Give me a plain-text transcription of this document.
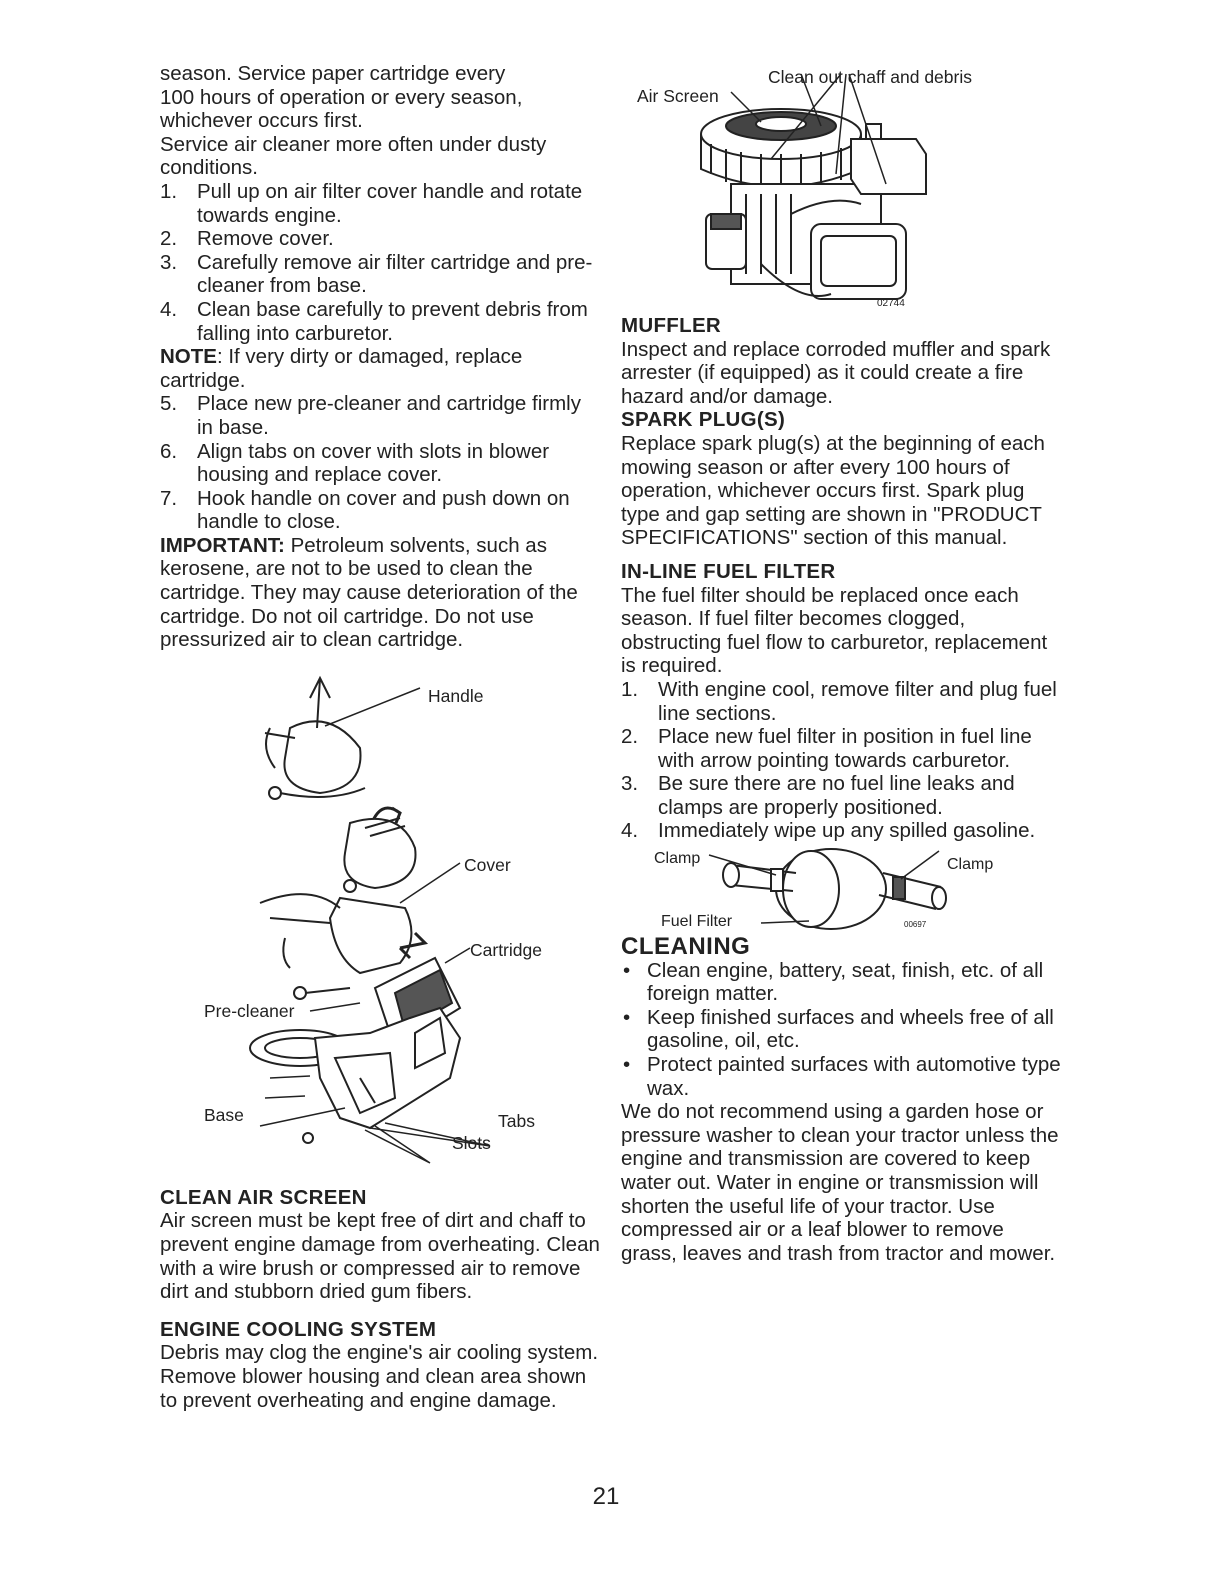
season. Service paper cartridge every

100 hours of operation or every season,

whichever occurs first.

Service air cleaner more often under dusty

conditions.

1. Pull up on air filter cover handle and rotate towards engine.
2. Remove cover.
3. Carefully remove air filter cartridge and pre-cleaner from base.
4. Clean base carefully to prevent debris from falling into carburetor.

NOTE: If very dirty or damaged, replace cartridge.

5. Place new pre-cleaner and cartridge firmly in base.
6. Align tabs on cover with slots in blower housing and replace cover.
7. Hook handle on cover and push down on handle to close.

IMPORTANT: Petroleum solvents, such as kerosene, are not to be used to clean the cartridge. They may cause deterioration of the cartridge. Do not oil cartridge. Do not use pressurized air to clean cartridge.

Handle
Cover
Cartridge
Pre-cleaner
Base	Tabs
Slots
CLEAN AIR SCREEN

Air screen must be kept free of dirt and chaff to prevent engine damage from overheating. Clean with a wire brush or compressed air to remove dirt and stubborn dried gum fibers.

ENGINE COOLING SYSTEM

Debris may clog the engine's air cooling system. Remove blower housing and clean area shown to prevent overheating and engine damage.

Clean out chaff and debris
Air Screen
02744
MUFFLER

Inspect and replace corroded muffler and spark arrester (if equipped) as it could create a fire hazard and/or damage.

SPARK PLUG(S)

Replace spark plug(s) at the beginning of each mowing season or after every 100 hours of operation, whichever occurs first. Spark plug type and gap setting are shown in "PRODUCT SPECIFICATIONS" section of this manual.

IN-LINE FUEL FILTER

The fuel filter should be replaced once each season. If fuel filter becomes clogged, obstructing fuel flow to carburetor, replacement is required.

1. With engine cool, remove filter and plug fuel line sections.
2. Place new fuel filter in position in fuel line with arrow pointing towards carburetor.
3. Be sure there are no fuel line leaks and clamps are properly positioned.
4. Immediately wipe up any spilled gasoline.
Clamp	Clamp
Fuel Filter	00697
CLEANING
• Clean engine, battery, seat, finish, etc. of all foreign matter.
• Keep finished surfaces and wheels free of all gasoline, oil, etc.
• Protect painted surfaces with automotive type wax.

We do not recommend using a garden hose or pressure washer to clean your tractor unless the engine and transmission are covered to keep water out. Water in engine or transmission will shorten the useful life of your tractor. Use compressed air or a leaf blower to remove grass, leaves and trash from tractor and mower.

21
